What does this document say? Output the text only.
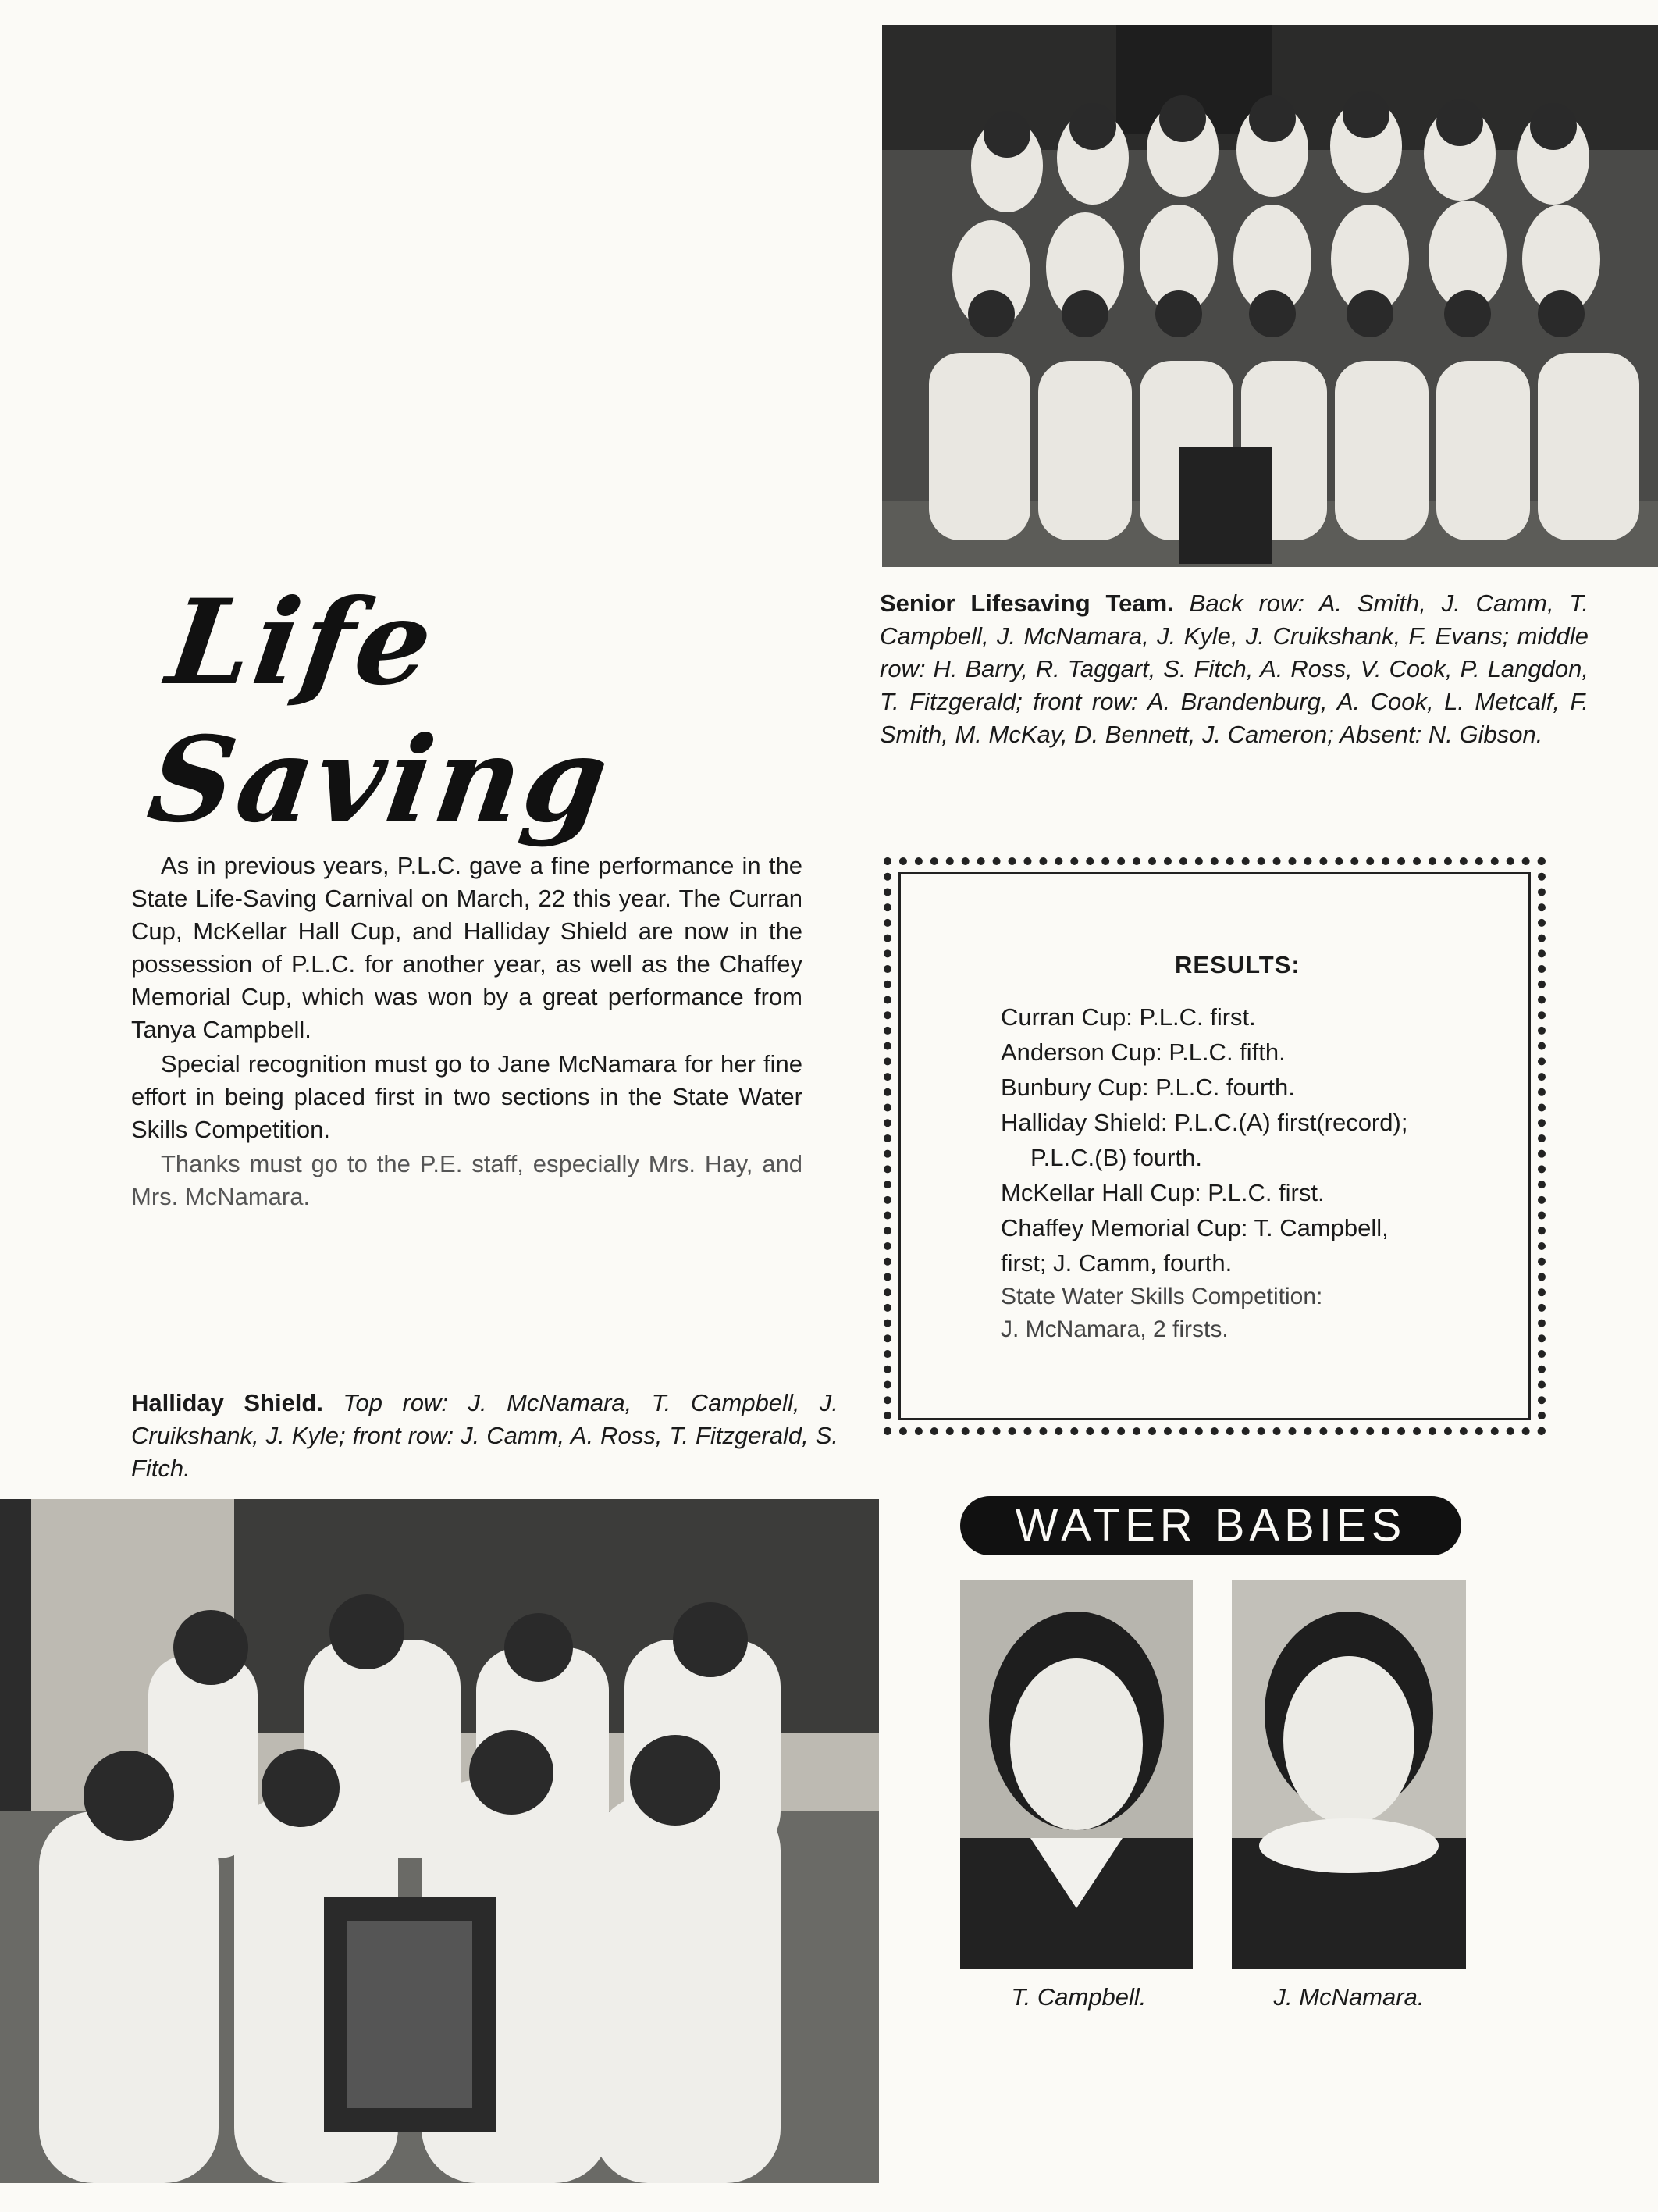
Life Saving
Senior Lifesaving Team. Back row: A. Smith, J. Camm, T. Campbell, J. McNamara, J. Kyle, J. Cruikshank, F. Evans; middle row: H. Barry, R. Taggart, S. Fitch, A. Ross, V. Cook, P. Langdon, T. Fitzgerald; front row: A. Brandenburg, A. Cook, L. Metcalf, F. Smith, M. McKay, D. Bennett, J. Cameron; Absent: N. Gibson.

As in previous years, P.L.C. gave a fine performance in the State Life-Saving Carnival on March, 22 this year. The Curran Cup, McKellar Hall Cup, and Halliday Shield are now in the possession of P.L.C. for another year, as well as the Chaffey Memorial Cup, which was won by a great performance from Tanya Campbell.

Special recognition must go to Jane McNamara for her fine effort in being placed first in two sections in the State Water Skills Competition.

Thanks must go to the P.E. staff, especially Mrs. Hay, and Mrs. McNamara.

RESULTS:
Curran Cup: P.L.C. first.
Anderson Cup: P.L.C. fifth.
Bunbury Cup: P.L.C. fourth.
Halliday Shield: P.L.C.(A) first(record);
P.L.C.(B) fourth.
McKellar Hall Cup: P.L.C. first.
Chaffey Memorial Cup: T. Campbell,
first; J. Camm, fourth.
State Water Skills Competition:
J. McNamara, 2 firsts.
Halliday Shield. Top row: J. McNamara, T. Campbell, J. Cruikshank, J. Kyle; front row: J. Camm, A. Ross, T. Fitzgerald, S. Fitch.
WATER BABIES
T. Campbell.	J. McNamara.
